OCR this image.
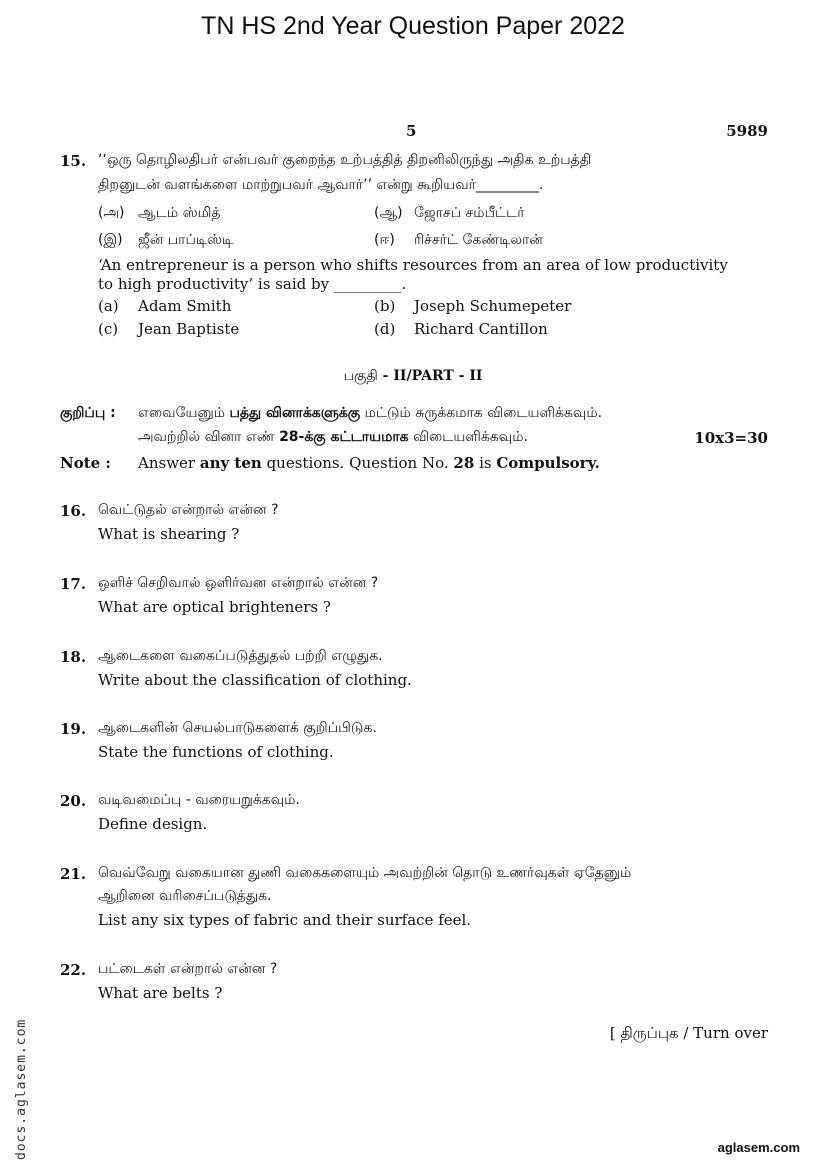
TN HS 2nd Year Question Paper 2022
5	5989
15. ‘‘ஒரு தொழிலதிபர் என்பவர் குறைந்த உற்பத்தித் திறனிலிருந்து அதிக உற்பத்தி
திறனுடன் வளங்களை மாற்றுபவர் ஆவார்’’ என்று கூறியவர்_________.
(அ) ஆடம் ஸ்மித்	(ஆ) ஜோசப் சம்பீட்டர்
(இ) ஜீன் பாப்டிஸ்டி	(ஈ) ரிச்சர்ட் கேண்டிலான்
‘An entrepreneur is a person who shifts resources from an area of low productivity
to high productivity’ is said by _________.
(a) Adam Smith	(b) Joseph Schumepeter
(c) Jean Baptiste	(d) Richard Cantillon
பகுதி - II/PART - II
குறிப்பு : எவையேனும் பத்து வினாக்களுக்கு மட்டும் சுருக்கமாக விடையளிக்கவும்.
அவற்றில் வினா எண் 28-க்கு கட்டாயமாக விடையளிக்கவும்.	10x3=30
Note : Answer any ten questions. Question No. 28 is Compulsory.
16. வெட்டுதல் என்றால் என்ன ?
What is shearing ?
17. ஒளிச் செறிவால் ஒளிர்வன என்றால் என்ன ?
What are optical brighteners ?
18. ஆடைகளை வகைப்படுத்துதல் பற்றி எழுதுக.
Write about the classification of clothing.
19. ஆடைகளின் செயல்பாடுகளைக் குறிப்பிடுக.
State the functions of clothing.
20. வடிவமைப்பு - வரையறுக்கவும்.
Define design.
21. வெவ்வேறு வகையான துணி வகைகளையும் அவற்றின் தொடு உணர்வுகள் ஏதேனும்
ஆறினை வரிசைப்படுத்துக.
List any six types of fabric and their surface feel.
22. பட்டைகள் என்றால் என்ன ?
What are belts ?
[ திருப்புக / Turn over
docs.aglasem.com	aglasem.com
